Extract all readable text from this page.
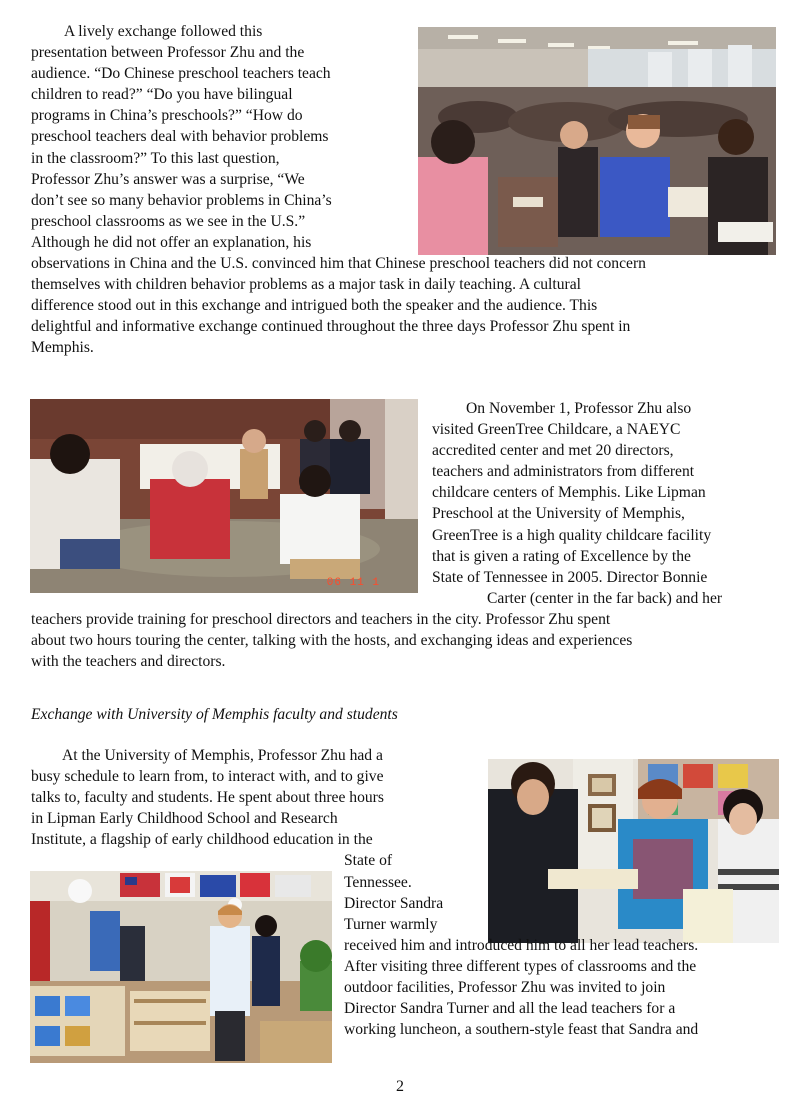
A lively exchange followed this
presentation between Professor Zhu and the
audience. “Do Chinese preschool teachers teach
children to read?” “Do you have bilingual
programs in China’s preschools?” “How do
preschool teachers deal with behavior problems
in the classroom?” To this last question,
Professor Zhu’s answer was a surprise, “We
don’t see so many behavior problems in China’s
preschool classrooms as we see in the U.S.”
Although he did not offer an explanation, his
observations in China and the U.S. convinced him that Chinese preschool teachers did not concern
themselves with children behavior problems as a major task in daily teaching. A cultural
difference stood out in this exchange and intrigued both the speaker and the audience. This
delightful and informative exchange continued throughout the three days Professor Zhu spent in
Memphis.
06 11 1
On November 1, Professor Zhu also
visited GreenTree Childcare, a NAEYC
accredited center and met 20 directors,
teachers and administrators from different
childcare centers of Memphis. Like Lipman
Preschool at the University of Memphis,
GreenTree is a high quality childcare facility
that is given a rating of Excellence by the
State of Tennessee in 2005. Director Bonnie
Carter (center in the far back) and her
teachers provide training for preschool directors and teachers in the city. Professor Zhu spent
about two hours touring the center, talking with the hosts, and exchanging ideas and experiences
with the teachers and directors.
Exchange with University of Memphis faculty and students
At the University of Memphis, Professor Zhu had a
busy schedule to learn from, to interact with, and to give
talks to, faculty and students. He spent about three hours
in Lipman Early Childhood School and Research
Institute, a flagship of early childhood education in the
State of
Tennessee.
Director Sandra
Turner warmly
received him and introduced him to all her lead teachers.
After visiting three different types of classrooms and the
outdoor facilities, Professor Zhu was invited to join
Director Sandra Turner and all the lead teachers for a
working luncheon, a southern-style feast that Sandra and
2
